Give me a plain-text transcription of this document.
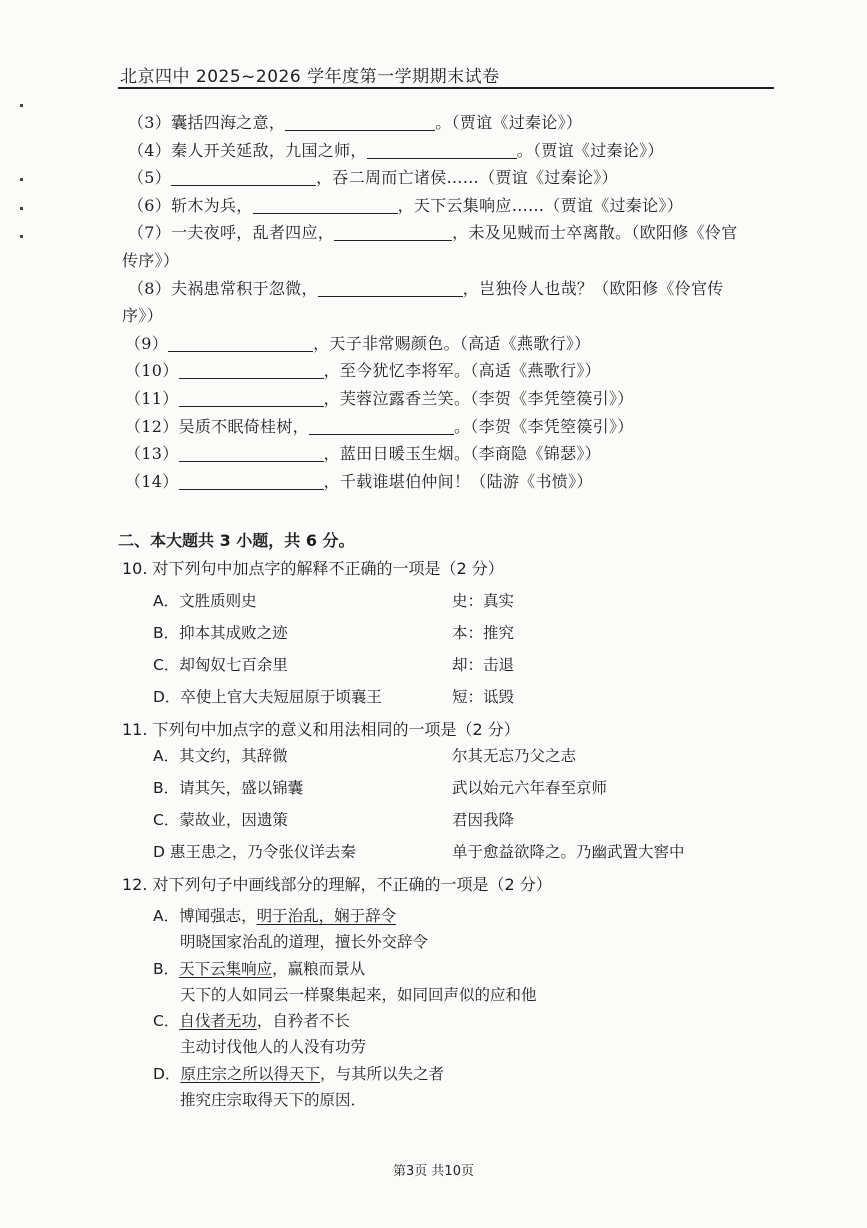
北京四中 2025~2026 学年度第一学期期末试卷
（3）囊括四海之意，	。（贾谊《过秦论》）
（4）秦人开关延敌，九国之师，	。（贾谊《过秦论》）
（5）	，吞二周而亡诸侯……（贾谊《过秦论》）
（6）斩木为兵，	，天下云集响应……（贾谊《过秦论》）
（7）一夫夜呼，乱者四应，	，未及见贼而士卒离散。（欧阳修《伶官
传序》）
（8）夫祸患常积于忽微，	，岂独伶人也哉？（欧阳修《伶官传
序》）
（9）	，天子非常赐颜色。（高适《燕歌行》）
（10）	，至今犹忆李将军。（高适《燕歌行》）
（11）	，芙蓉泣露香兰笑。（李贺《李凭箜篌引》）
（12）吴质不眠倚桂树，	。（李贺《李凭箜篌引》）
（13）	，蓝田日暖玉生烟。（李商隐《锦瑟》）
（14）	，千载谁堪伯仲间！（陆游《书愤》）
二、本大题共 3 小题，共 6 分。
10. 对下列句中加点字的解释不正确的一项是（2 分）
A．文胜质则史	史：真实
B．抑本其成败之迹	本：推究
C．却匈奴七百余里	却：击退
D．卒使上官大夫短屈原于顷襄王	短：诋毁
11. 下列句中加点字的意义和用法相同的一项是（2 分）
A．其文约，其辞微	尔其无忘乃父之志
B．请其矢，盛以锦囊	武以始元六年春至京师
C．蒙故业，因遗策	君因我降
D 惠王患之，乃令张仪详去秦	单于愈益欲降之。乃幽武置大窖中
12. 对下列句子中画线部分的理解，不正确的一项是（2 分）
A．博闻强志，明于治乱，娴于辞令
明晓国家治乱的道理，擅长外交辞令
B．天下云集响应，赢粮而景从
天下的人如同云一样聚集起来，如同回声似的应和他
C．自伐者无功，自矜者不长
主动讨伐他人的人没有功劳
D．原庄宗之所以得天下，与其所以失之者
推究庄宗取得天下的原因．
第3页 共10页
